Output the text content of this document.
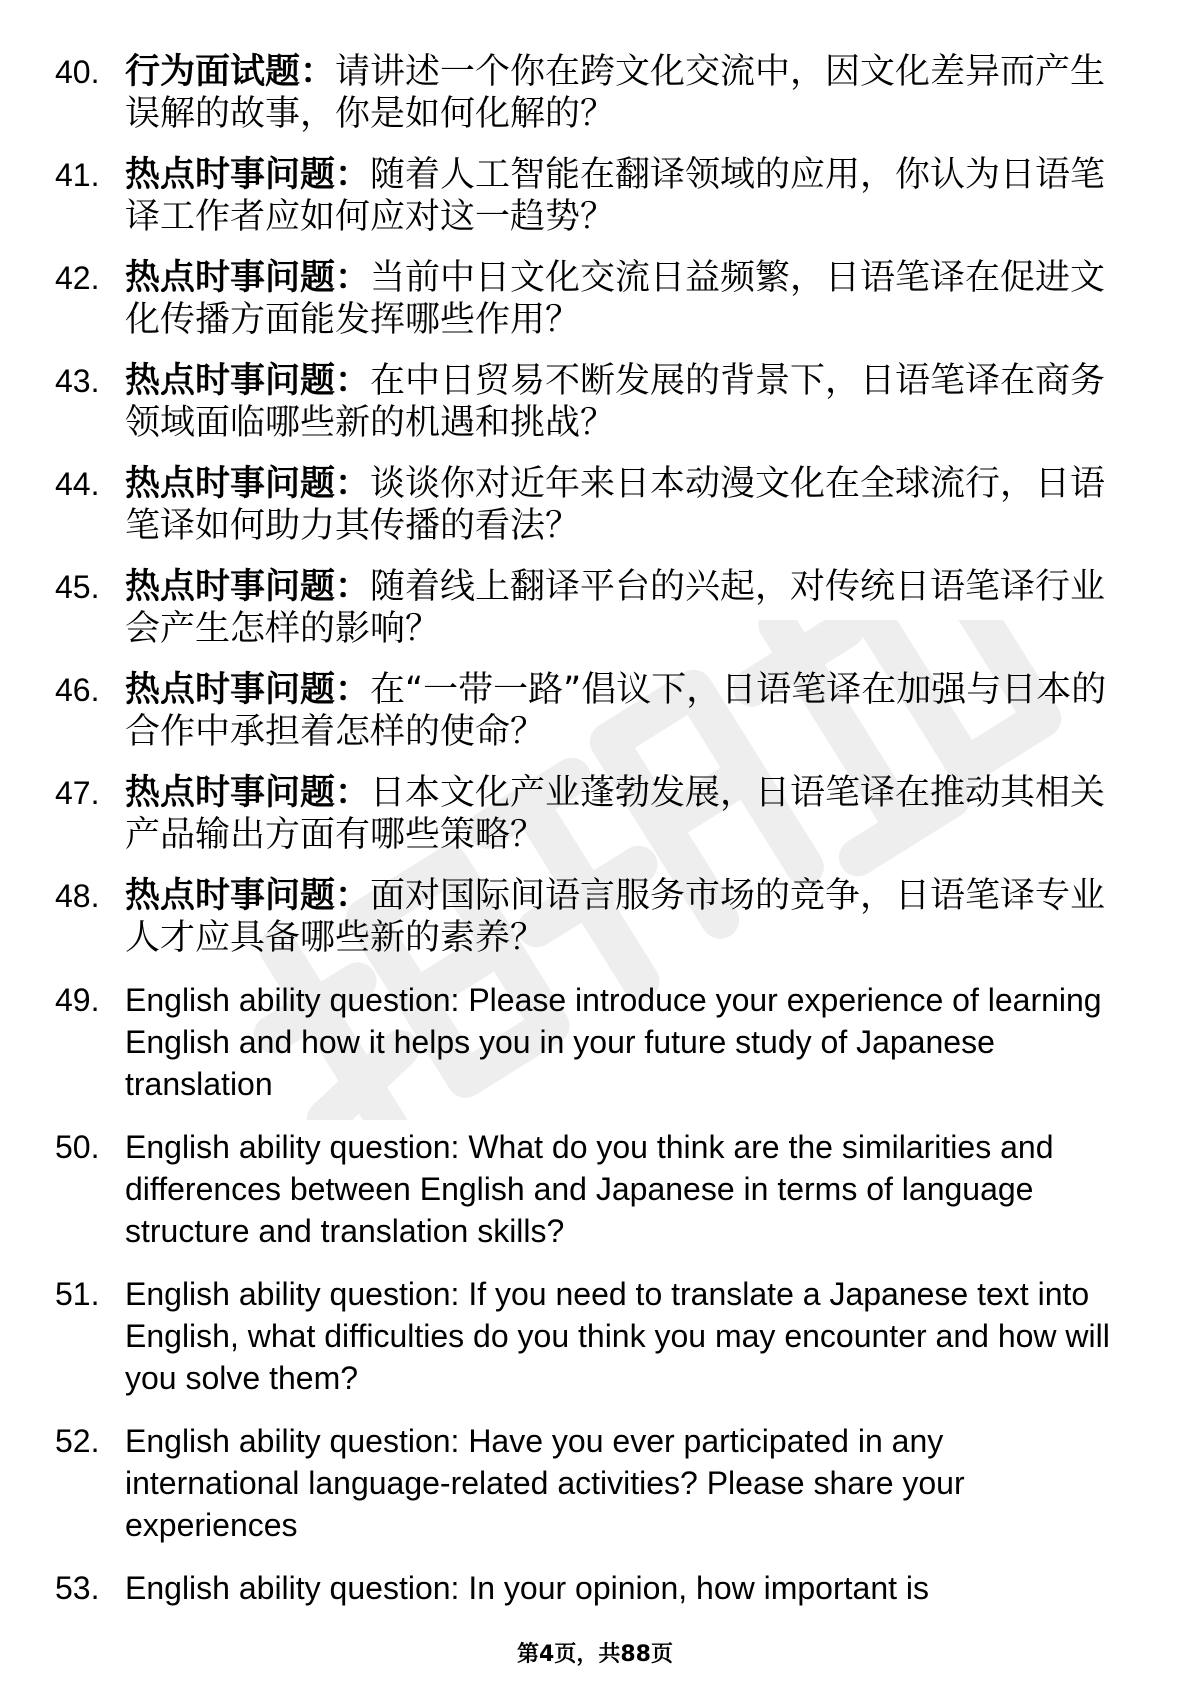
40. 行为面试题：请讲述一个你在跨文化交流中，因文化差异而产生误解的故事，你是如何化解的？
41. 热点时事问题：随着人工智能在翻译领域的应用，你认为日语笔译工作者应如何应对这一趋势？
42. 热点时事问题：当前中日文化交流日益频繁，日语笔译在促进文化传播方面能发挥哪些作用？
43. 热点时事问题：在中日贸易不断发展的背景下，日语笔译在商务领域面临哪些新的机遇和挑战？
44. 热点时事问题：谈谈你对近年来日本动漫文化在全球流行，日语笔译如何助力其传播的看法？
45. 热点时事问题：随着线上翻译平台的兴起，对传统日语笔译行业会产生怎样的影响？
46. 热点时事问题：在“一带一路”倡议下，日语笔译在加强与日本的合作中承担着怎样的使命？
47. 热点时事问题：日本文化产业蓬勃发展，日语笔译在推动其相关产品输出方面有哪些策略？
48. 热点时事问题：面对国际间语言服务市场的竞争，日语笔译专业人才应具备哪些新的素养？
49. English ability question: Please introduce your experience of learning English and how it helps you in your future study of Japanese translation
50. English ability question: What do you think are the similarities and differences between English and Japanese in terms of language structure and translation skills?
51. English ability question: If you need to translate a Japanese text into English, what difficulties do you think you may encounter and how will you solve them?
52. English ability question: Have you ever participated in any international language-related activities? Please share your experiences
53. English ability question: In your opinion, how important is
第4页，共88页
